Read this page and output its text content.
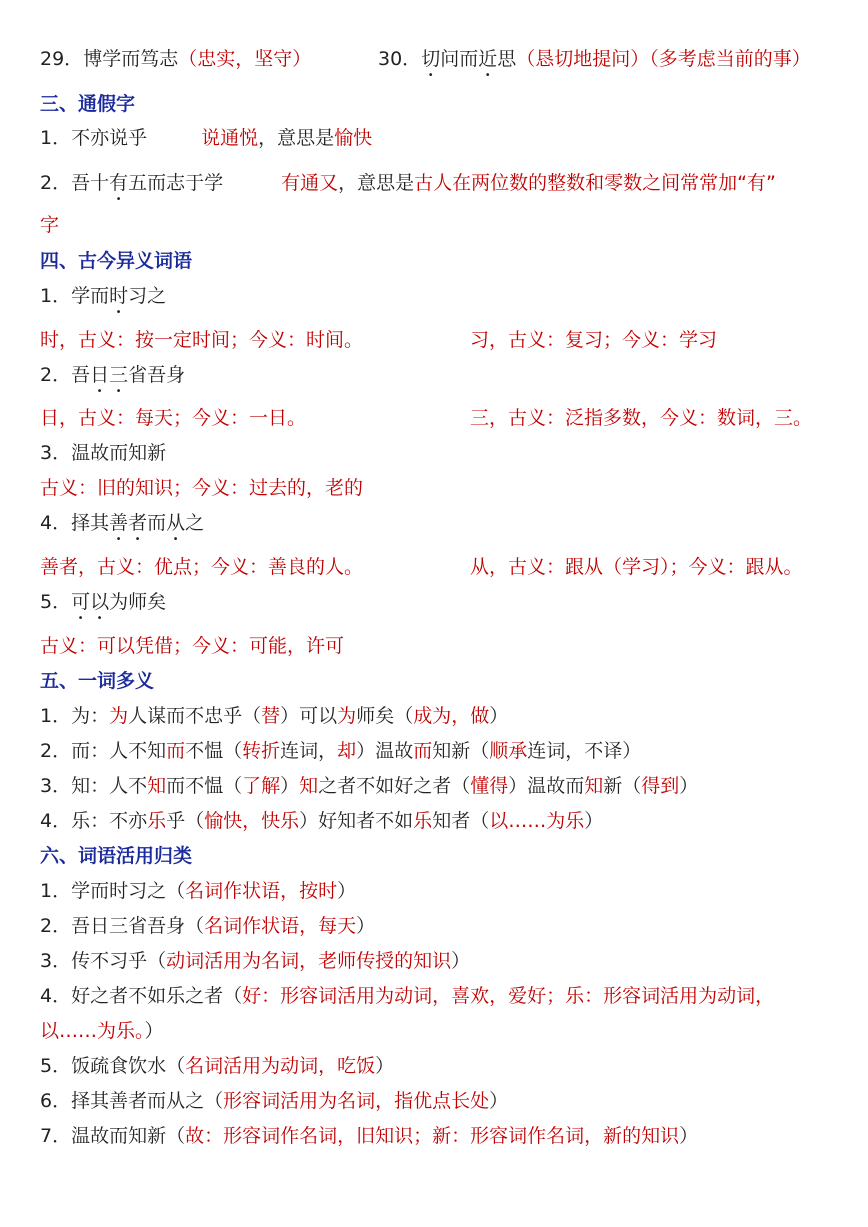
29．博学而笃志（忠实，坚守）	30．切问而近思（恳切地提问）（多考虑当前的事）
三、通假字
1．不亦说乎	说通悦，意思是愉快
2．吾十有五而志于学	有通又，意思是古人在两位数的整数和零数之间常常加“有”
字
四、古今异义词语
1．学而时习之
时，古义：按一定时间；今义：时间。	习，古义：复习；今义：学习
2．吾日三省吾身
日，古义：每天；今义：一日。	三，古义：泛指多数，今义：数词，三。
3．温故而知新
古义：旧的知识；今义：过去的，老的
4．择其善者而从之
善者，古义：优点；今义：善良的人。	从，古义：跟从（学习）；今义：跟从。
5．可以为师矣
古义：可以凭借；今义：可能，许可
五、一词多义
1．为：为人谋而不忠乎（替）可以为师矣（成为，做）
2．而：人不知而不愠（转折连词，却）温故而知新（顺承连词，不译）
3．知：人不知而不愠（了解）知之者不如好之者（懂得）温故而知新（得到）
4．乐：不亦乐乎（愉快，快乐）好知者不如乐知者（以……为乐）
六、词语活用归类
1．学而时习之（名词作状语，按时）
2．吾日三省吾身（名词作状语，每天）
3．传不习乎（动词活用为名词，老师传授的知识）
4．好之者不如乐之者（好：形容词活用为动词，喜欢，爱好；乐：形容词活用为动词，
以……为乐。）
5．饭疏食饮水（名词活用为动词，吃饭）
6．择其善者而从之（形容词活用为名词，指优点长处）
7．温故而知新（故：形容词作名词，旧知识；新：形容词作名词，新的知识）
